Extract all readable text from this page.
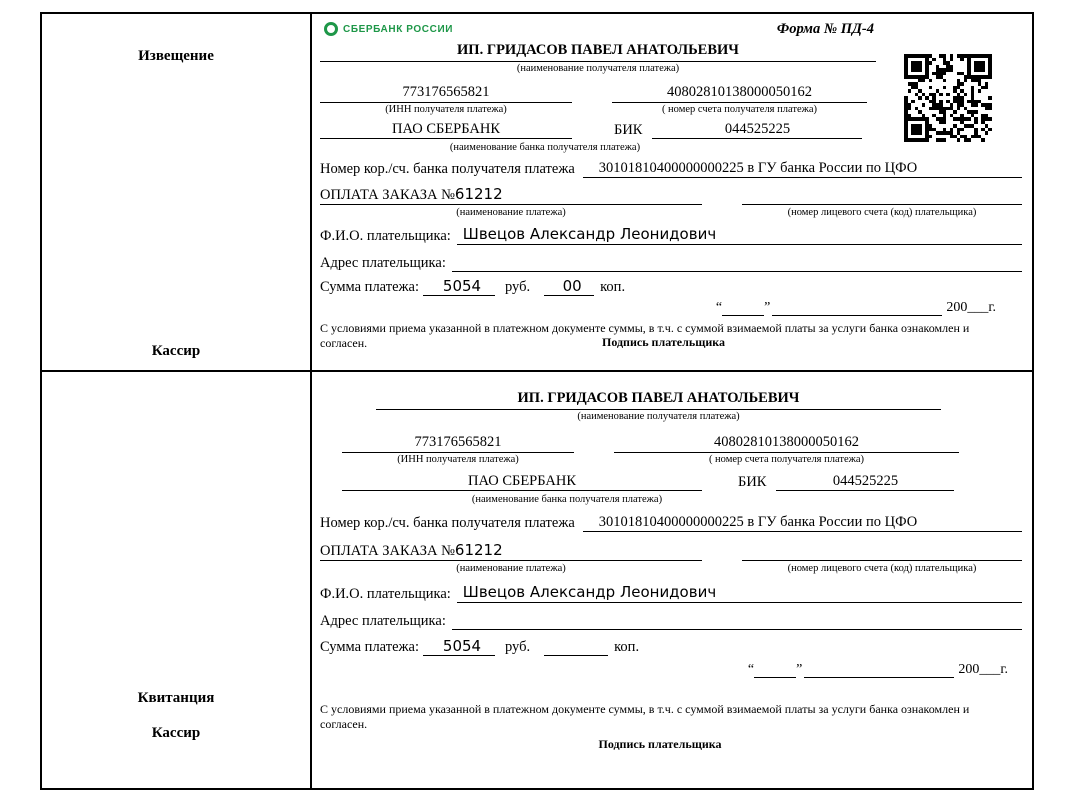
Извещение
Кассир
СБЕРБАНК РОССИИ	Форма № ПД-4
ИП. ГРИДАСОВ ПАВЕЛ АНАТОЛЬЕВИЧ
(наименование получателя платежа)
773176565821
(ИНН получателя платежа)
40802810138000050162
( номер счета получателя платежа)
ПАО СБЕРБАНК	БИК	044525225
(наименование банка получателя платежа)
Номер кор./сч. банка получателя платежа	30101810400000000225 в ГУ банка России по ЦФО
ОПЛАТА ЗАКАЗА № 61212
(наименование платежа)	(номер лицевого счета (код) плательщика)
Ф.И.О. плательщика: Швецов Александр Леонидович
Адрес плательщика:
Сумма платежа:	5054	руб.	00	коп.
“	”	200___г.
С условиями приема указанной в платежном документе суммы, в т.ч. с суммой взимаемой платы за услуги банка ознакомлен и согласен.	Подпись плательщика
Квитанция
Кассир
ИП. ГРИДАСОВ ПАВЕЛ АНАТОЛЬЕВИЧ
(наименование получателя платежа)
773176565821
(ИНН получателя платежа)
40802810138000050162
( номер счета получателя платежа)
ПАО СБЕРБАНК	БИК	044525225
(наименование банка получателя платежа)
Номер кор./сч. банка получателя платежа	30101810400000000225 в ГУ банка России по ЦФО
ОПЛАТА ЗАКАЗА № 61212
(наименование платежа)	(номер лицевого счета (код) плательщика)
Ф.И.О. плательщика: Швецов Александр Леонидович
Адрес плательщика:
Сумма платежа:	5054	руб.	коп.
“	”	200___г.
С условиями приема указанной в платежном документе суммы, в т.ч. с суммой взимаемой платы за услуги банка ознакомлен и согласен.
Подпись плательщика
